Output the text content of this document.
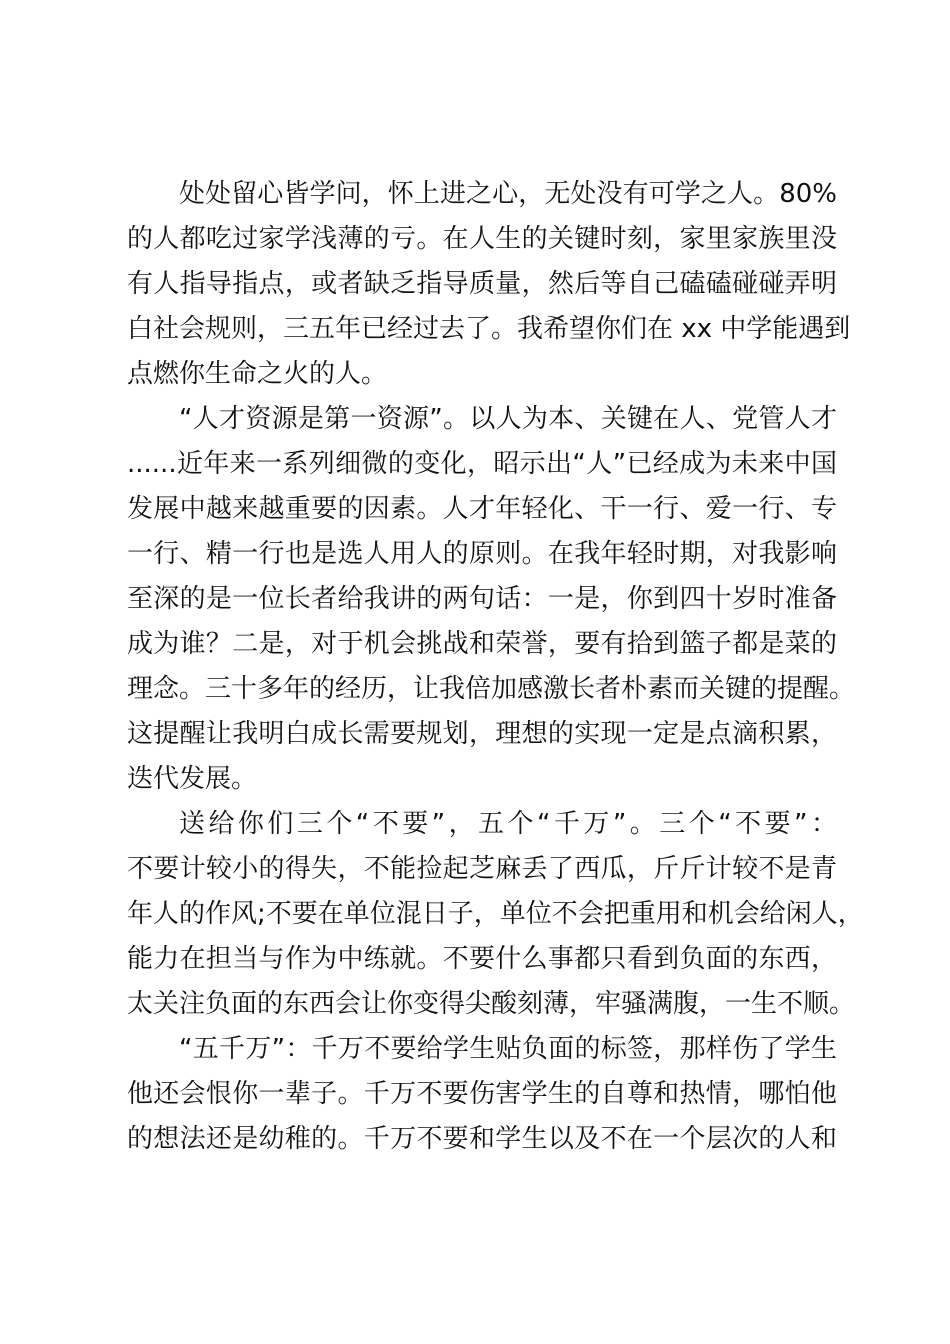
处处留心皆学问，怀上进之心，无处没有可学之人。80%
的人都吃过家学浅薄的亏。在人生的关键时刻，家里家族里没
有人指导指点，或者缺乏指导质量，然后等自己磕磕碰碰弄明
白社会规则，三五年已经过去了。我希望你们在 xx 中学能遇到
点燃你生命之火的人。
“人才资源是第一资源”。以人为本、关键在人、党管人才
......近年来一系列细微的变化，昭示出“人”已经成为未来中国
发展中越来越重要的因素。人才年轻化、干一行、爱一行、专
一行、精一行也是选人用人的原则。在我年轻时期，对我影响
至深的是一位长者给我讲的两句话：一是，你到四十岁时准备
成为谁？二是，对于机会挑战和荣誉，要有拾到篮子都是菜的
理念。三十多年的经历，让我倍加感激长者朴素而关键的提醒。
这提醒让我明白成长需要规划，理想的实现一定是点滴积累，
迭代发展。
送给你们三个“不要”，五个“千万”。三个“不要”：
不要计较小的得失，不能捡起芝麻丢了西瓜，斤斤计较不是青
年人的作风;不要在单位混日子，单位不会把重用和机会给闲人，
能力在担当与作为中练就。不要什么事都只看到负面的东西，
太关注负面的东西会让你变得尖酸刻薄，牢骚满腹，一生不顺。
“五千万”：千万不要给学生贴负面的标签，那样伤了学生
他还会恨你一辈子。千万不要伤害学生的自尊和热情，哪怕他
的想法还是幼稚的。千万不要和学生以及不在一个层次的人和
